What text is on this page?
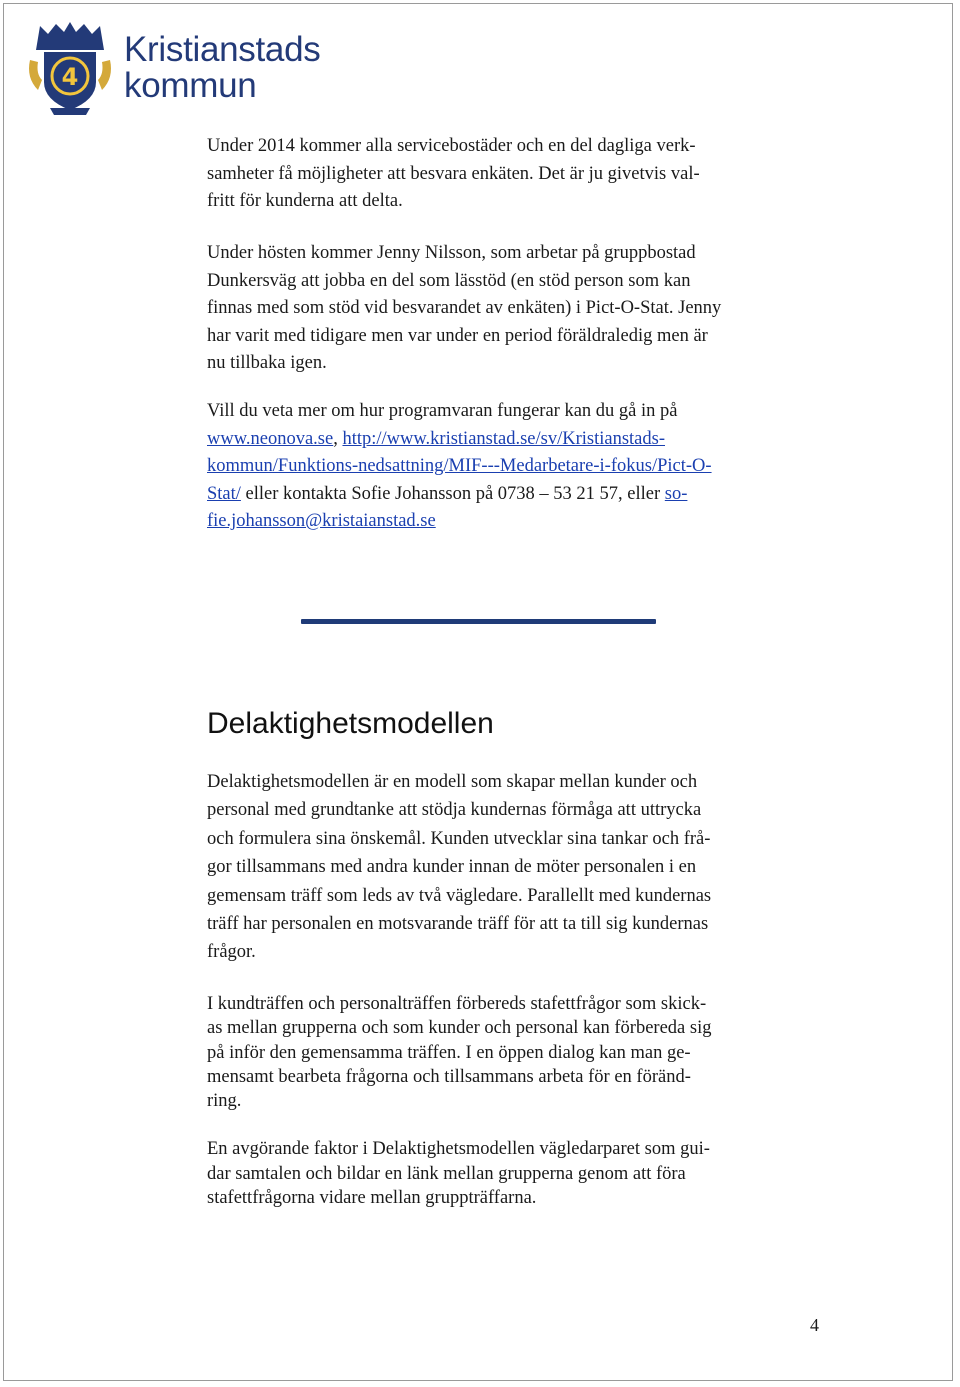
4
Kristianstads
kommun

Under 2014 kommer alla servicebostäder och en del dagliga verk-
samheter få möjligheter att besvara enkäten. Det är ju givetvis val-
fritt för kunderna att delta.

Under hösten kommer Jenny Nilsson, som arbetar på gruppbostad
Dunkersväg att jobba en del som lässtöd (en stöd person som kan
finnas med som stöd vid besvarandet av enkäten) i Pict-O-Stat. Jenny
har varit med tidigare men var under en period föräldraledig men är
nu tillbaka igen.

Vill du veta mer om hur programvaran fungerar kan du gå in på
www.neonova.se, http://www.kristianstad.se/sv/Kristianstads-
kommun/Funktions-nedsattning/MIF---Medarbetare-i-fokus/Pict-O-
Stat/ eller kontakta Sofie Johansson på 0738 – 53 21 57, eller so-
fie.johansson@kristaianstad.se

Delaktighetsmodellen är en modell som skapar mellan kunder och
personal med grundtanke att stödja kundernas förmåga att uttrycka
och formulera sina önskemål. Kunden utvecklar sina tankar och frå-
gor tillsammans med andra kunder innan de möter personalen i en
gemensam träff som leds av två vägledare. Parallellt med kundernas
träff har personalen en motsvarande träff för att ta till sig kundernas
frågor.

I kundträffen och personalträffen förbereds stafettfrågor som skick-
as mellan grupperna och som kunder och personal kan förbereda sig
på inför den gemensamma träffen. I en öppen dialog kan man ge-
mensamt bearbeta frågorna och tillsammans arbeta för en föränd-
ring.

En avgörande faktor i Delaktighetsmodellen vägledarparet som gui-
dar samtalen och bildar en länk mellan grupperna genom att föra
stafettfrågorna vidare mellan gruppträffarna.

Delaktighetsmodellen
4
